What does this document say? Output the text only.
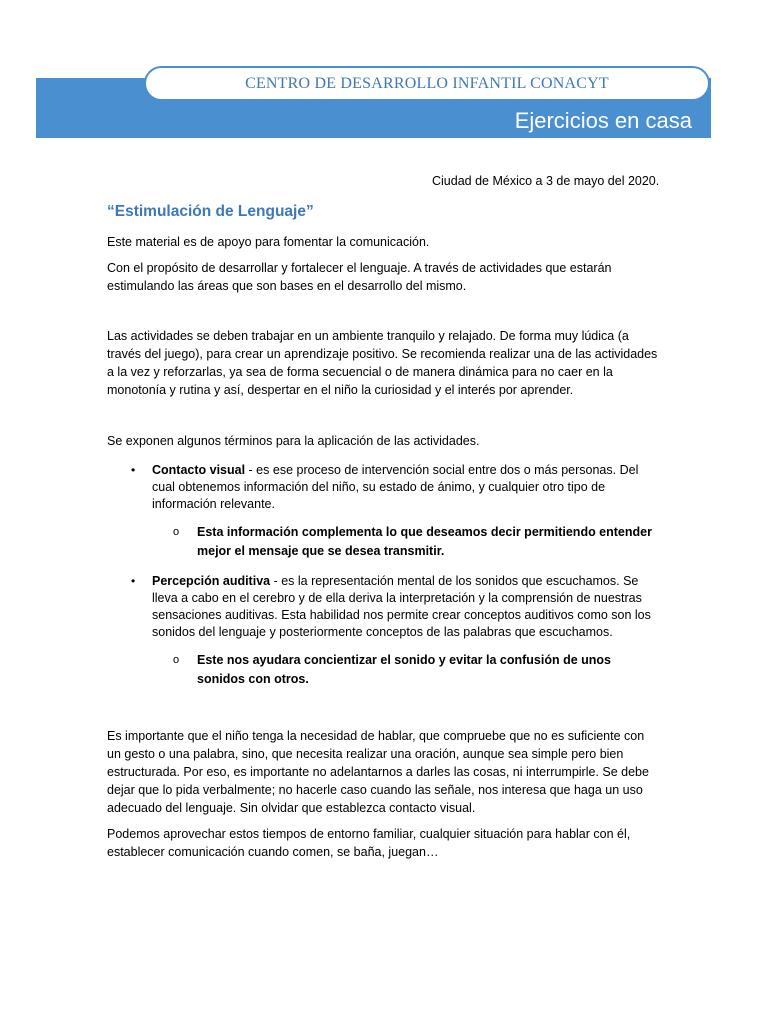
CENTRO DE DESARROLLO INFANTIL CONACYT
Ejercicios en casa
Ciudad de México a 3 de mayo del 2020.
“Estimulación de Lenguaje”

Este material es de apoyo para fomentar la comunicación.

Con el propósito de desarrollar y fortalecer el lenguaje. A través de actividades que estarán estimulando las áreas que son bases en el desarrollo del mismo.

Las actividades se deben trabajar en un ambiente tranquilo y relajado. De forma muy lúdica (a través del juego), para crear un aprendizaje positivo. Se recomienda realizar una de las actividades a la vez y reforzarlas, ya sea de forma secuencial o de manera dinámica para no caer en la monotonía y rutina y así, despertar en el niño la curiosidad y el interés por aprender.

Se exponen algunos términos para la aplicación de las actividades.

• Contacto visual - es ese proceso de intervención social entre dos o más personas. Del cual obtenemos información del niño, su estado de ánimo, y cualquier otro tipo de información relevante.
o Esta información complementa lo que deseamos decir permitiendo entender mejor el mensaje que se desea transmitir.
• Percepción auditiva - es la representación mental de los sonidos que escuchamos. Se lleva a cabo en el cerebro y de ella deriva la interpretación y la comprensión de nuestras sensaciones auditivas. Esta habilidad nos permite crear conceptos auditivos como son los sonidos del lenguaje y posteriormente conceptos de las palabras que escuchamos.
o Este nos ayudara concientizar el sonido y evitar la confusión de unos sonidos con otros.

Es importante que el niño tenga la necesidad de hablar, que compruebe que no es suficiente con un gesto o una palabra, sino, que necesita realizar una oración, aunque sea simple pero bien estructurada. Por eso, es importante no adelantarnos a darles las cosas, ni interrumpirle. Se debe dejar que lo pida verbalmente; no hacerle caso cuando las señale, nos interesa que haga un uso adecuado del lenguaje. Sin olvidar que establezca contacto visual.

Podemos aprovechar estos tiempos de entorno familiar, cualquier situación para hablar con él, establecer comunicación cuando comen, se baña, juegan…
